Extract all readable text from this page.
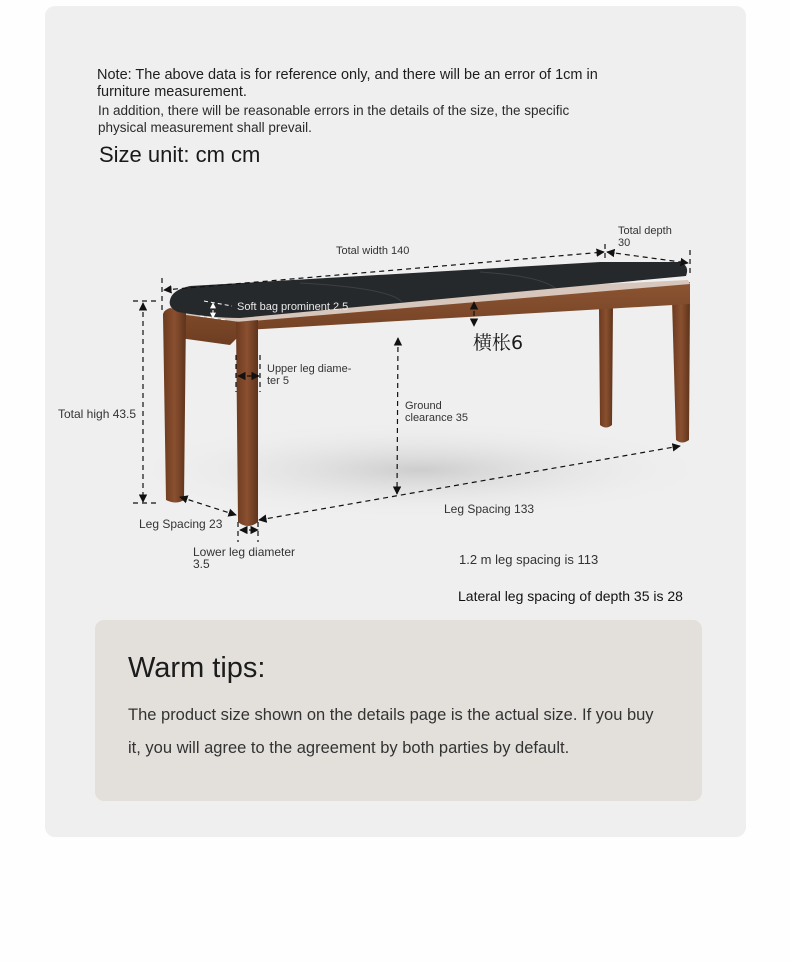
Note: The above data is for reference only, and there will be an error of 1cm in furniture measurement.
In addition, there will be reasonable errors in the details of the size, the specific physical measurement shall prevail.
Size unit: cm cm
Total width 140
Total depth
30
Soft bag prominent 2.5
横枨6
Upper leg diame-
ter 5
Total high 43.5
Ground
clearance 35
Leg Spacing 23
Leg Spacing 133
Lower leg diameter
3.5	1.2 m leg spacing is 113
Lateral leg spacing of depth 35 is 28
Warm tips:
The product size shown on the details page is the actual size. If you buy it, you will agree to the agreement by both parties by default.
